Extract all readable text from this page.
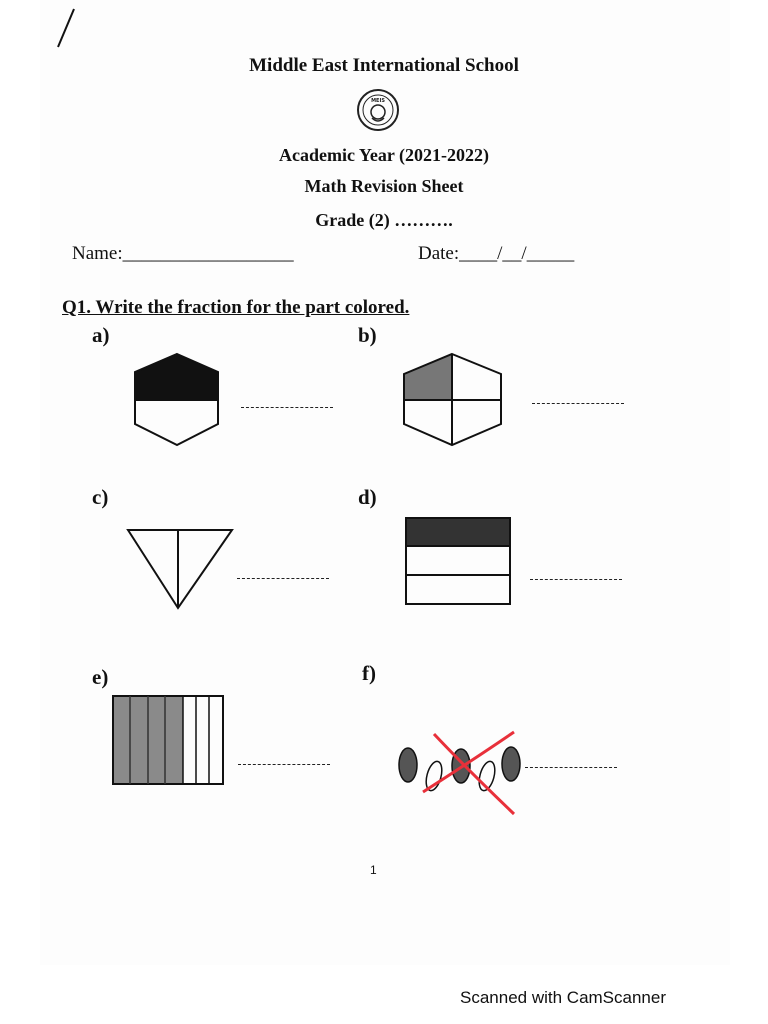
Middle East International School
MEIS
Academic Year (2021-2022)
Math Revision Sheet
Grade (2) ……….
Name:__________________	Date:____/__/_____
Q1. Write the fraction for the part colored.
a)	b)
c)	d)
e)	f)
1
Scanned with CamScanner
